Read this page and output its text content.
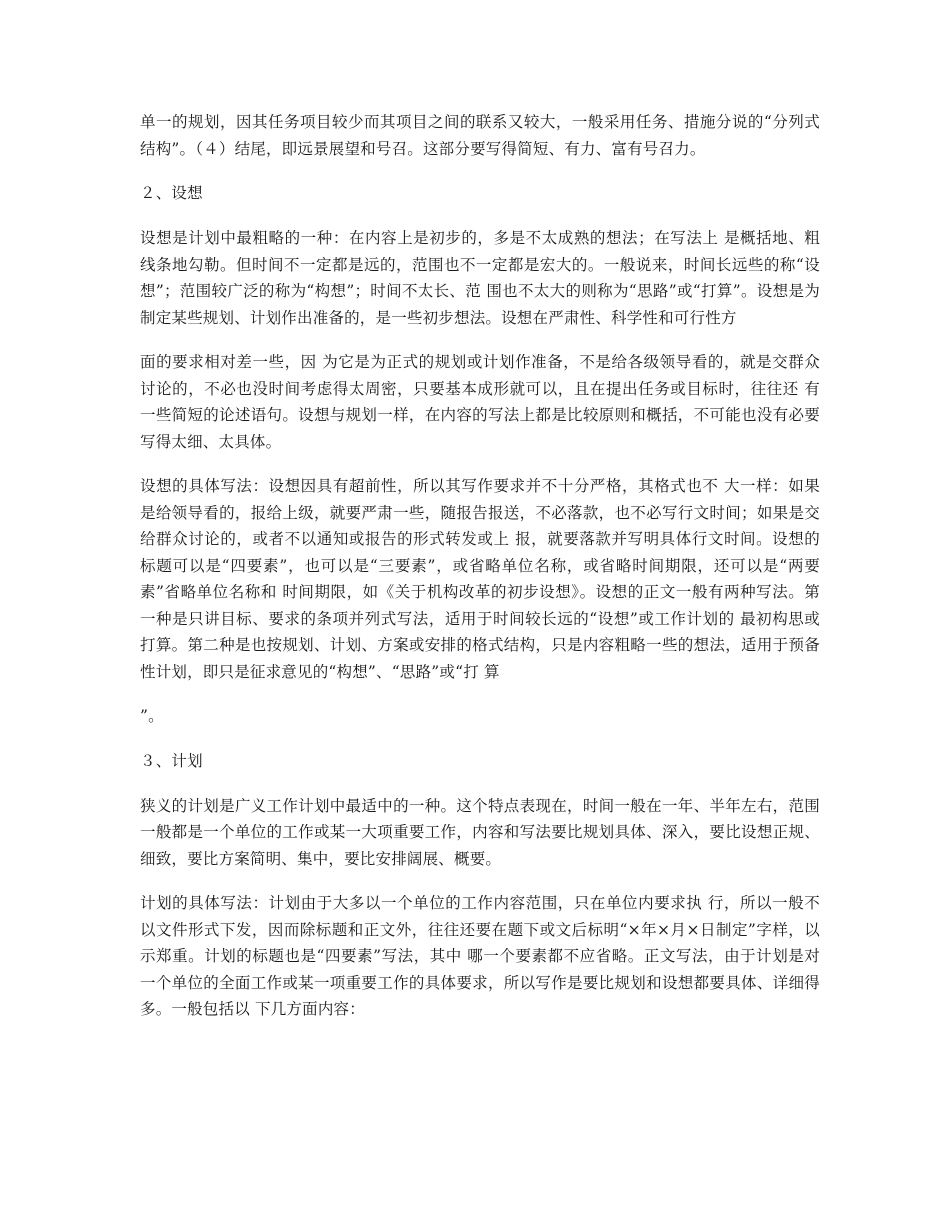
单一的规划，因其任务项目较少而其项目之间的联系又较大，一般采用任务、措施分说的“分列式结构”。（４）结尾，即远景展望和号召。这部分要写得简短、有力、富有号召力。

２、设想

设想是计划中最粗略的一种：在内容上是初步的，多是不太成熟的想法；在写法上 是概括地、粗线条地勾勒。但时间不一定都是远的，范围也不一定都是宏大的。一般说来，时间长远些的称“设想”；范围较广泛的称为“构想”；时间不太长、范 围也不太大的则称为“思路”或“打算”。设想是为制定某些规划、计划作出准备的，是一些初步想法。设想在严肃性、科学性和可行性方

面的要求相对差一些，因 为它是为正式的规划或计划作准备，不是给各级领导看的，就是交群众讨论的，不必也没时间考虑得太周密，只要基本成形就可以，且在提出任务或目标时，往往还 有一些简短的论述语句。设想与规划一样，在内容的写法上都是比较原则和概括，不可能也没有必要写得太细、太具体。

设想的具体写法：设想因具有超前性，所以其写作要求并不十分严格，其格式也不 大一样：如果是给领导看的，报给上级，就要严肃一些，随报告报送，不必落款，也不必写行文时间；如果是交给群众讨论的，或者不以通知或报告的形式转发或上 报，就要落款并写明具体行文时间。设想的标题可以是“四要素”，也可以是“三要素”，或省略单位名称，或省略时间期限，还可以是“两要素”省略单位名称和 时间期限，如《关于机构改革的初步设想》。设想的正文一般有两种写法。第一种是只讲目标、要求的条项并列式写法，适用于时间较长远的“设想”或工作计划的 最初构思或打算。第二种是也按规划、计划、方案或安排的格式结构，只是内容粗略一些的想法，适用于预备性计划，即只是征求意见的“构想”、“思路”或“打 算

”。

３、计划

狭义的计划是广义工作计划中最适中的一种。这个特点表现在，时间一般在一年、半年左右，范围一般都是一个单位的工作或某一大项重要工作，内容和写法要比规划具体、深入，要比设想正规、细致，要比方案简明、集中，要比安排阔展、概要。

计划的具体写法：计划由于大多以一个单位的工作内容范围，只在单位内要求执 行，所以一般不以文件形式下发，因而除标题和正文外，往往还要在题下或文后标明“×年×月×日制定”字样，以示郑重。计划的标题也是“四要素”写法，其中 哪一个要素都不应省略。正文写法，由于计划是对一个单位的全面工作或某一项重要工作的具体要求，所以写作是要比规划和设想都要具体、详细得多。一般包括以 下几方面内容：
